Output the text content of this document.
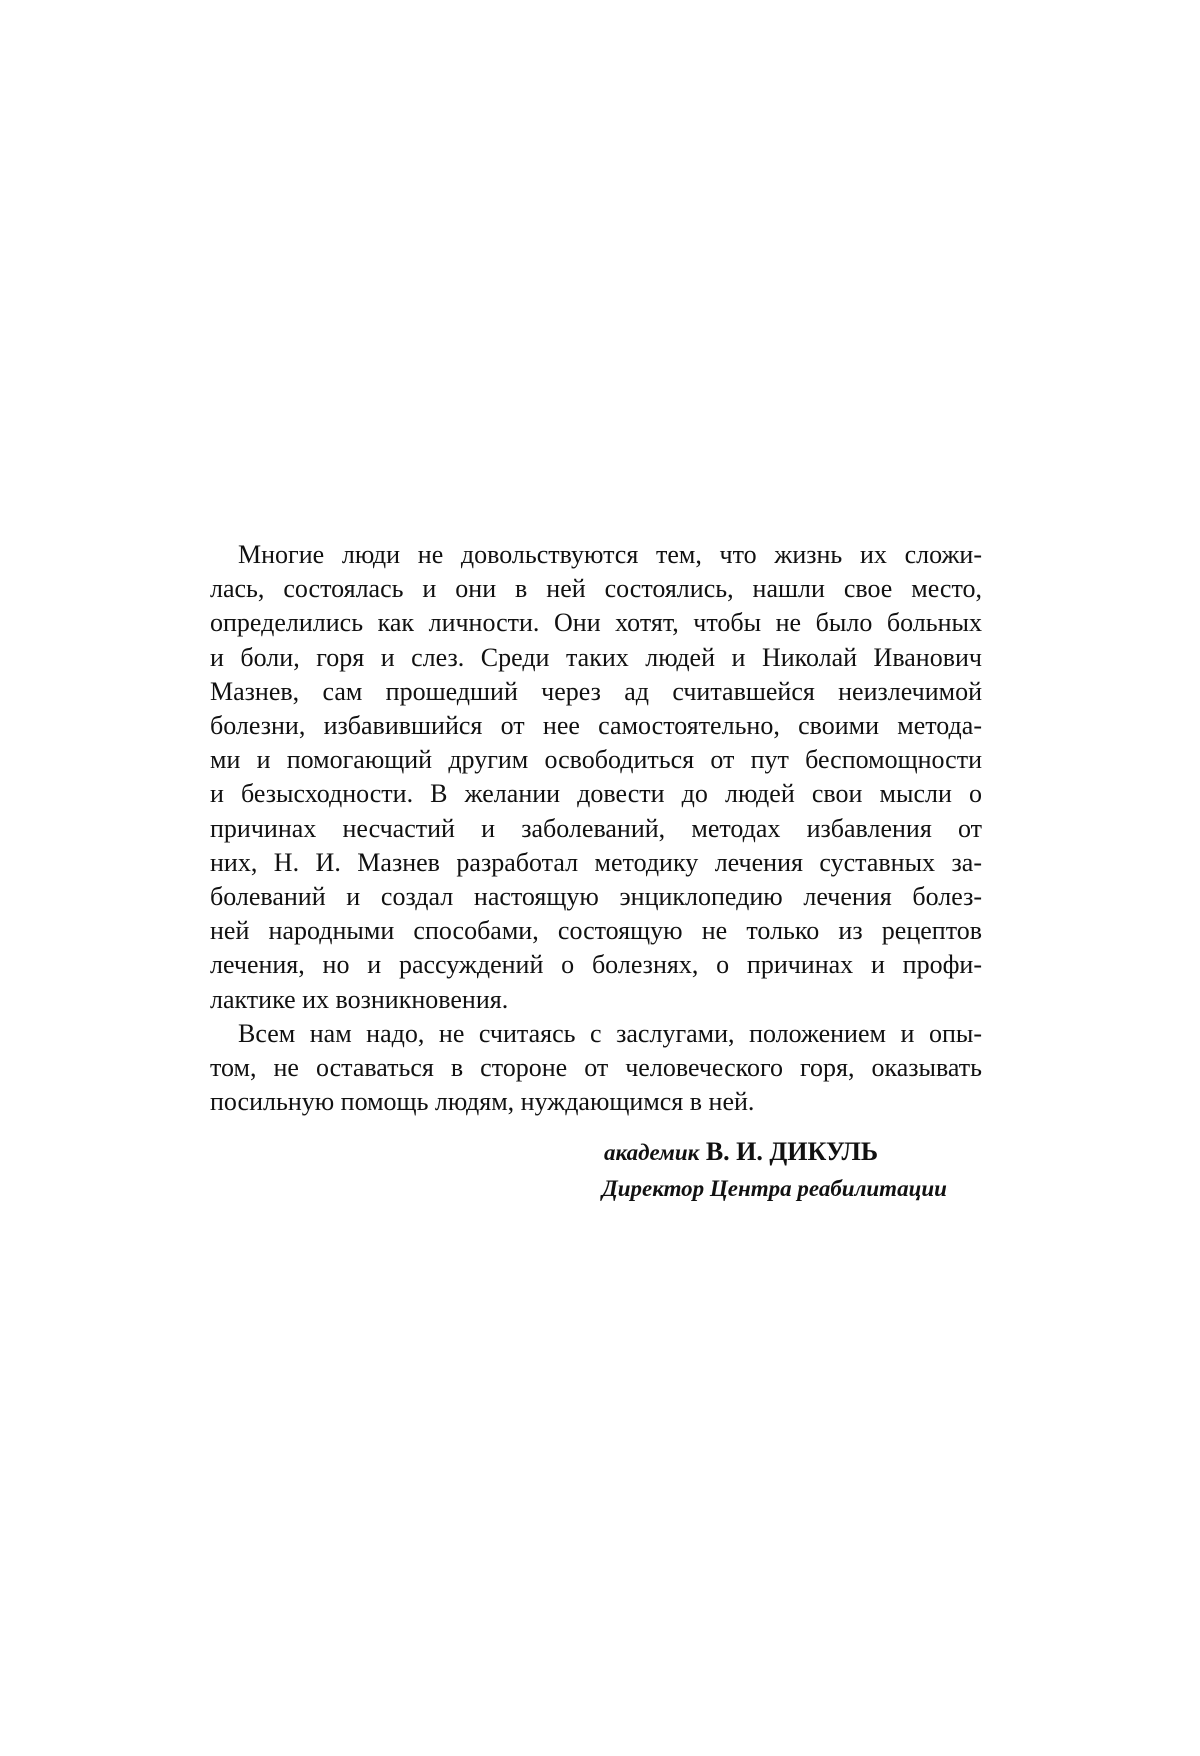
Многие люди не довольствуются тем, что жизнь их сложи-
лась, состоялась и они в ней состоялись, нашли свое место,
определились как личности. Они хотят, чтобы не было больных
и боли, горя и слез. Среди таких людей и Николай Иванович
Мазнев, сам прошедший через ад считавшейся неизлечимой
болезни, избавившийся от нее самостоятельно, своими метода-
ми и помогающий другим освободиться от пут беспомощности
и безысходности. В желании довести до людей свои мысли о
причинах несчастий и заболеваний, методах избавления от
них, Н. И. Мазнев разработал методику лечения суставных за-
болеваний и создал настоящую энциклопедию лечения болез-
ней народными способами, состоящую не только из рецептов
лечения, но и рассуждений о болезнях, о причинах и профи-
лактике их возникновения.

Всем нам надо, не считаясь с заслугами, положением и опы-
том, не оставаться в стороне от человеческого горя, оказывать
посильную помощь людям, нуждающимся в ней.

академик В. И. ДИКУЛЬ
Директор Центра реабилитации
